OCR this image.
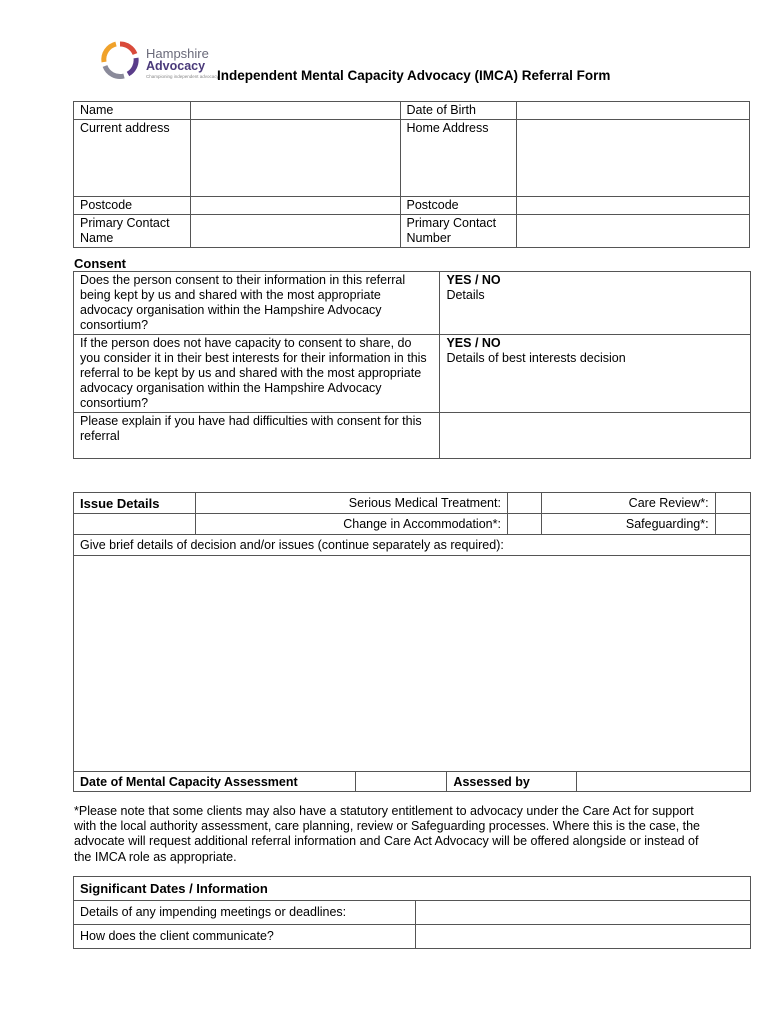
Hampshire
Advocacy
Championing independent advocacy
Independent Mental Capacity Advocacy (IMCA) Referral Form
Name		Date of Birth	
Current address		Home Address	

Postcode		Postcode	
Primary Contact Name		Primary Contact Number	
Consent
Does the person consent to their information in this referral being kept by us and shared with the most appropriate advocacy organisation within the Hampshire Advocacy consortium?	YES / NO
Details

If the person does not have capacity to consent to share, do you consider it in their best interests for their information in this referral to be kept by us and shared with the most appropriate advocacy organisation within the Hampshire Advocacy consortium?	YES / NO
Details of best interests decision

Please explain if you have had difficulties with consent for this referral	
Issue Details	Serious Medical Treatment:		Care Review*:	
	Change in Accommodation*:		Safeguarding*:	
Give brief details of decision and/or issues (continue separately as required):				

Date of Mental Capacity Assessment		Assessed by	
*Please note that some clients may also have a statutory entitlement to advocacy under the Care Act for support with the local authority assessment, care planning, review or Safeguarding processes. Where this is the case, the advocate will request additional referral information and Care Act Advocacy will be offered alongside or instead of the IMCA role as appropriate.
Significant Dates / Information	
Details of any impending meetings or deadlines:	
How does the client communicate?	
